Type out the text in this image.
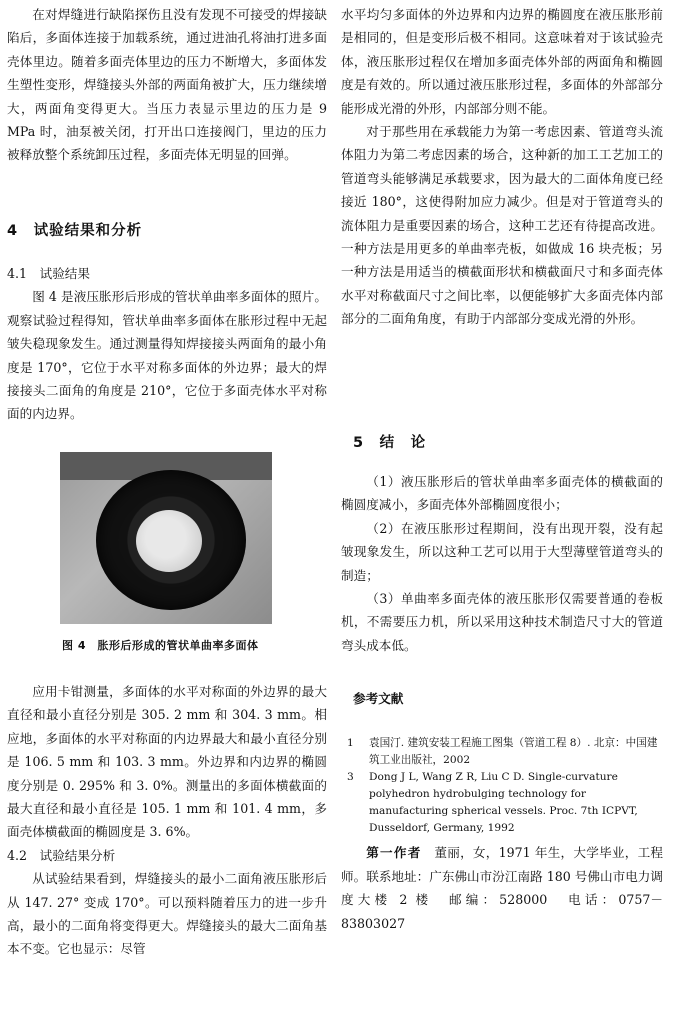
在对焊缝进行缺陷探伤且没有发现不可接受的焊接缺陷后，多面体连接于加载系统，通过进油孔将油打进多面壳体里边。随着多面壳体里边的压力不断增大，多面体发生塑性变形，焊缝接头外部的两面角被扩大，压力继续增大，两面角变得更大。当压力表显示里边的压力是 9 MPa 时，油泵被关闭，打开出口连接阀门，里边的压力被释放整个系统卸压过程，多面壳体无明显的回弹。

4　试验结果和分析
4.1　试验结果

图 4 是液压胀形后形成的管状单曲率多面体的照片。观察试验过程得知，管状单曲率多面体在胀形过程中无起皱失稳现象发生。通过测量得知焊接接头两面角的最小角度是 170°，它位于水平对称多面体的外边界；最大的焊接接头二面角的角度是 210°，它位于多面壳体水平对称面的内边界。

图 4　胀形后形成的管状单曲率多面体

应用卡钳测量，多面体的水平对称面的外边界的最大直径和最小直径分别是 305. 2 mm 和 304. 3 mm。相应地，多面体的水平对称面的内边界最大和最小直径分别是 106. 5 mm 和 103. 3 mm。外边界和内边界的椭圆度分别是 0. 295% 和 3. 0%。测量出的多面体横截面的最大直径和最小直径是 105. 1 mm 和 101. 4 mm，多面壳体横截面的椭圆度是 3. 6%。

4.2　试验结果分析

从试验结果看到，焊缝接头的最小二面角液压胀形后从 147. 27° 变成 170°。可以预料随着压力的进一步升高，最小的二面角将变得更大。焊缝接头的最大二面角基本不变。它也显示：尽管

水平均匀多面体的外边界和内边界的椭圆度在液压胀形前是相同的，但是变形后极不相同。这意味着对于该试验壳体，液压胀形过程仅在增加多面壳体外部的两面角和椭圆度是有效的。所以通过液压胀形过程，多面体的外部部分能形成光滑的外形，内部部分则不能。

对于那些用在承载能力为第一考虑因素、管道弯头流体阻力为第二考虑因素的场合，这种新的加工工艺加工的管道弯头能够满足承载要求，因为最大的二面体角度已经接近 180°，这使得附加应力减少。但是对于管道弯头的流体阻力是重要因素的场合，这种工艺还有待提高改进。一种方法是用更多的单曲率壳板，如做成 16 块壳板；另一种方法是用适当的横截面形状和横截面尺寸和多面壳体水平对称截面尺寸之间比率，以便能够扩大多面壳体内部部分的二面角角度，有助于内部部分变成光滑的外形。

5　结　论

（1）液压胀形后的管状单曲率多面壳体的横截面的椭圆度减小，多面壳体外部椭圆度很小；

（2）在液压胀形过程期间，没有出现开裂，没有起皱现象发生，所以这种工艺可以用于大型薄壁管道弯头的制造；

（3）单曲率多面壳体的液压胀形仅需要普通的卷板机，不需要压力机，所以采用这种技术制造尺寸大的管道弯头成本低。

参考文献
1 袁国汀. 建筑安装工程施工图集（管道工程 8）. 北京：中国建筑工业出版社，2002
3 Dong J L, Wang Z R, Liu C D. Single-curvature polyhedron hydrobulging technology for manufacturing spherical vessels. Proc. 7th ICPVT, Dusseldorf, Germany, 1992

第一作者　 董丽，女，1971 年生，大学毕业，工程师。联系地址：广东佛山市汾江南路 180 号佛山市电力调度大楼 2 楼　邮编：528000　电话：0757－83803027
